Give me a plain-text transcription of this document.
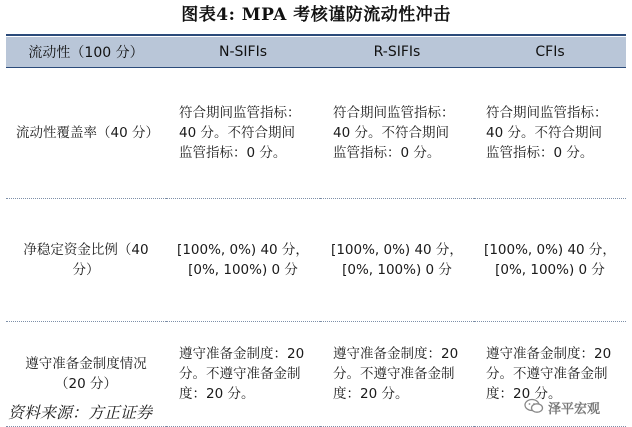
图表4: MPA 考核谨防流动性冲击
流动性（100 分）	N-SIFIs	R-SIFIs	CFIs
流动性覆盖率（40 分）	符合期间监管指标：40 分。不符合期间监管指标：0 分。	符合期间监管指标：40 分。不符合期间监管指标：0 分。	符合期间监管指标：40 分。不符合期间监管指标：0 分。
净稳定资金比例（40 分）	[100%, 0%) 40 分，[0%, 100%) 0 分	[100%, 0%) 40 分，[0%, 100%) 0 分	[100%, 0%) 40 分，[0%, 100%) 0 分
遵守准备金制度情况（20 分）	遵守准备金制度：20 分。不遵守准备金制度：20 分。	遵守准备金制度：20 分。不遵守准备金制度：20 分。	遵守准备金制度：20 分。不遵守准备金制度：20 分。
资料来源：方正证券	泽平宏观
